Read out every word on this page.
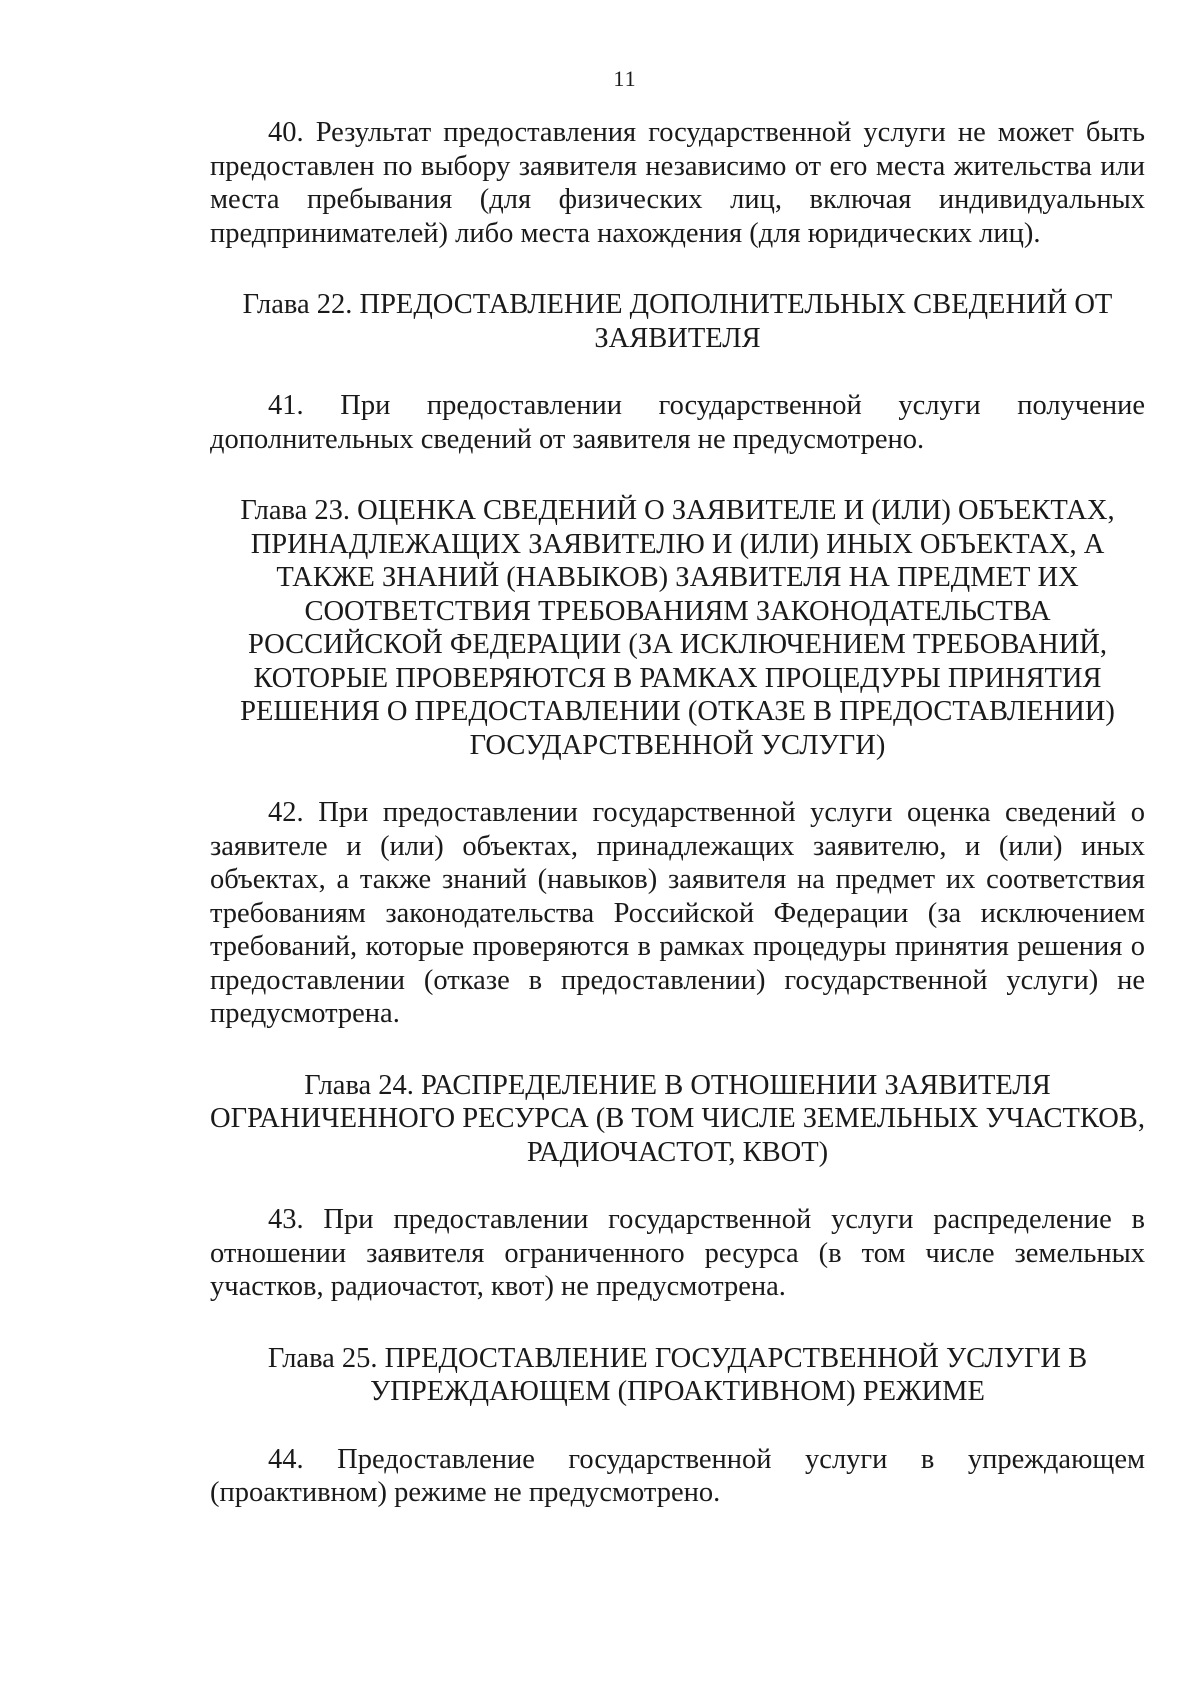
11

40. Результат предоставления государственной услуги не может быть предоставлен по выбору заявителя независимо от его места жительства или места пребывания (для физических лиц, включая индивидуальных предпринимателей) либо места нахождения (для юридических лиц).

Глава 22. ПРЕДОСТАВЛЕНИЕ ДОПОЛНИТЕЛЬНЫХ СВЕДЕНИЙ ОТ
ЗАЯВИТЕЛЯ

41. При предоставлении государственной услуги получение дополнительных сведений от заявителя не предусмотрено.

Глава 23. ОЦЕНКА СВЕДЕНИЙ О ЗАЯВИТЕЛЕ И (ИЛИ) ОБЪЕКТАХ,
ПРИНАДЛЕЖАЩИХ ЗАЯВИТЕЛЮ И (ИЛИ) ИНЫХ ОБЪЕКТАХ, А
ТАКЖЕ ЗНАНИЙ (НАВЫКОВ) ЗАЯВИТЕЛЯ НА ПРЕДМЕТ ИХ
СООТВЕТСТВИЯ ТРЕБОВАНИЯМ ЗАКОНОДАТЕЛЬСТВА
РОССИЙСКОЙ ФЕДЕРАЦИИ (ЗА ИСКЛЮЧЕНИЕМ ТРЕБОВАНИЙ,
КОТОРЫЕ ПРОВЕРЯЮТСЯ В РАМКАХ ПРОЦЕДУРЫ ПРИНЯТИЯ
РЕШЕНИЯ О ПРЕДОСТАВЛЕНИИ (ОТКАЗЕ В ПРЕДОСТАВЛЕНИИ)
ГОСУДАРСТВЕННОЙ УСЛУГИ)

42. При предоставлении государственной услуги оценка сведений о заявителе и (или) объектах, принадлежащих заявителю, и (или) иных объектах, а также знаний (навыков) заявителя на предмет их соответствия требованиям законодательства Российской Федерации (за исключением требований, которые проверяются в рамках процедуры принятия решения о предоставлении (отказе в предоставлении) государственной услуги) не предусмотрена.

Глава 24. РАСПРЕДЕЛЕНИЕ В ОТНОШЕНИИ ЗАЯВИТЕЛЯ
ОГРАНИЧЕННОГО РЕСУРСА (В ТОМ ЧИСЛЕ ЗЕМЕЛЬНЫХ УЧАСТКОВ,
РАДИОЧАСТОТ, КВОТ)

43. При предоставлении государственной услуги распределение в отношении заявителя ограниченного ресурса (в том числе земельных участков, радиочастот, квот) не предусмотрена.

Глава 25. ПРЕДОСТАВЛЕНИЕ ГОСУДАРСТВЕННОЙ УСЛУГИ В
УПРЕЖДАЮЩЕМ (ПРОАКТИВНОМ) РЕЖИМЕ

44. Предоставление государственной услуги в упреждающем (проактивном) режиме не предусмотрено.
